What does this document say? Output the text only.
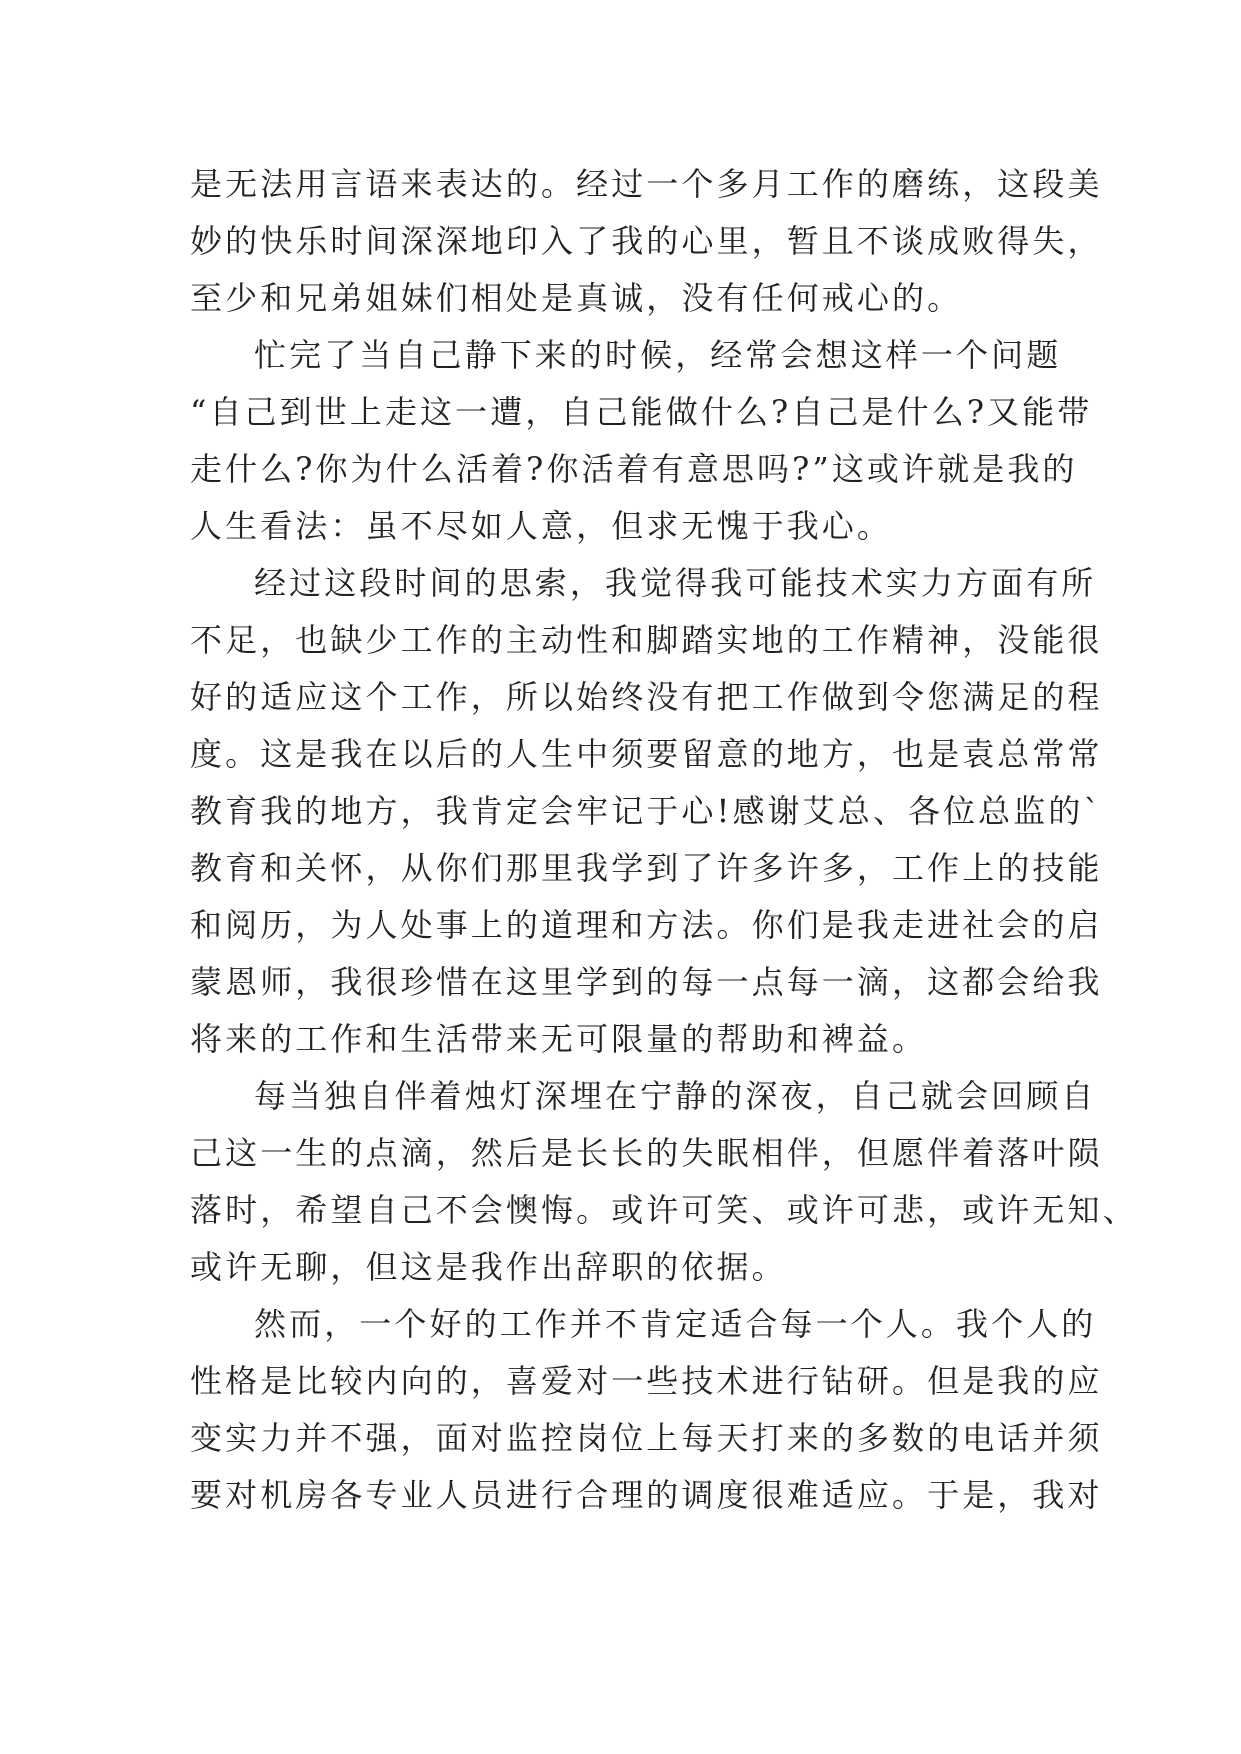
是无法用言语来表达的。经过一个多月工作的磨练，这段美
妙的快乐时间深深地印入了我的心里，暂且不谈成败得失，
至少和兄弟姐妹们相处是真诚，没有任何戒心的。
忙完了当自己静下来的时候，经常会想这样一个问题
“自己到世上走这一遭，自己能做什么?自己是什么?又能带
走什么?你为什么活着?你活着有意思吗?”这或许就是我的
人生看法：虽不尽如人意，但求无愧于我心。
经过这段时间的思索，我觉得我可能技术实力方面有所
不足，也缺少工作的主动性和脚踏实地的工作精神，没能很
好的适应这个工作，所以始终没有把工作做到令您满足的程
度。这是我在以后的人生中须要留意的地方，也是袁总常常
教育我的地方，我肯定会牢记于心!感谢艾总、各位总监的`
教育和关怀，从你们那里我学到了许多许多，工作上的技能
和阅历，为人处事上的道理和方法。你们是我走进社会的启
蒙恩师，我很珍惜在这里学到的每一点每一滴，这都会给我
将来的工作和生活带来无可限量的帮助和裨益。
每当独自伴着烛灯深埋在宁静的深夜，自己就会回顾自
己这一生的点滴，然后是长长的失眠相伴，但愿伴着落叶陨
落时，希望自己不会懊悔。或许可笑、或许可悲，或许无知、
或许无聊，但这是我作出辞职的依据。
然而，一个好的工作并不肯定适合每一个人。我个人的
性格是比较内向的，喜爱对一些技术进行钻研。但是我的应
变实力并不强，面对监控岗位上每天打来的多数的电话并须
要对机房各专业人员进行合理的调度很难适应。于是，我对
